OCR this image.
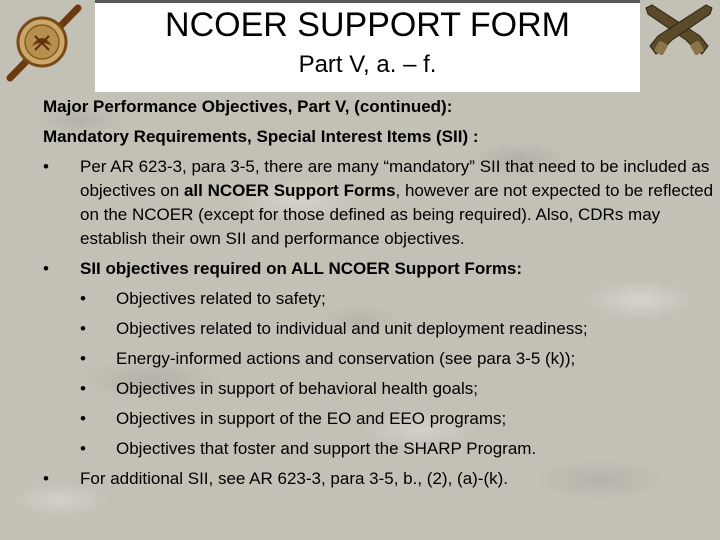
NCOER SUPPORT FORM
Part V, a. – f.

Major Performance Objectives, Part V, (continued):

Mandatory Requirements, Special Interest Items (SII) :

• Per AR 623-3, para 3-5, there are many “mandatory” SII that need to be included as objectives on all NCOER Support Forms, however are not expected to be reflected on the NCOER (except for those defined as being required). Also, CDRs may establish their own SII and performance objectives.
• SII objectives required on ALL NCOER Support Forms:
• Objectives related to safety;
• Objectives related to individual and unit deployment readiness;
• Energy-informed actions and conservation (see para 3-5 (k));
• Objectives in support of behavioral health goals;
• Objectives in support of the EO and EEO programs;
• Objectives that foster and support the SHARP Program.
• For additional SII, see AR 623-3, para 3-5, b., (2), (a)-(k).
